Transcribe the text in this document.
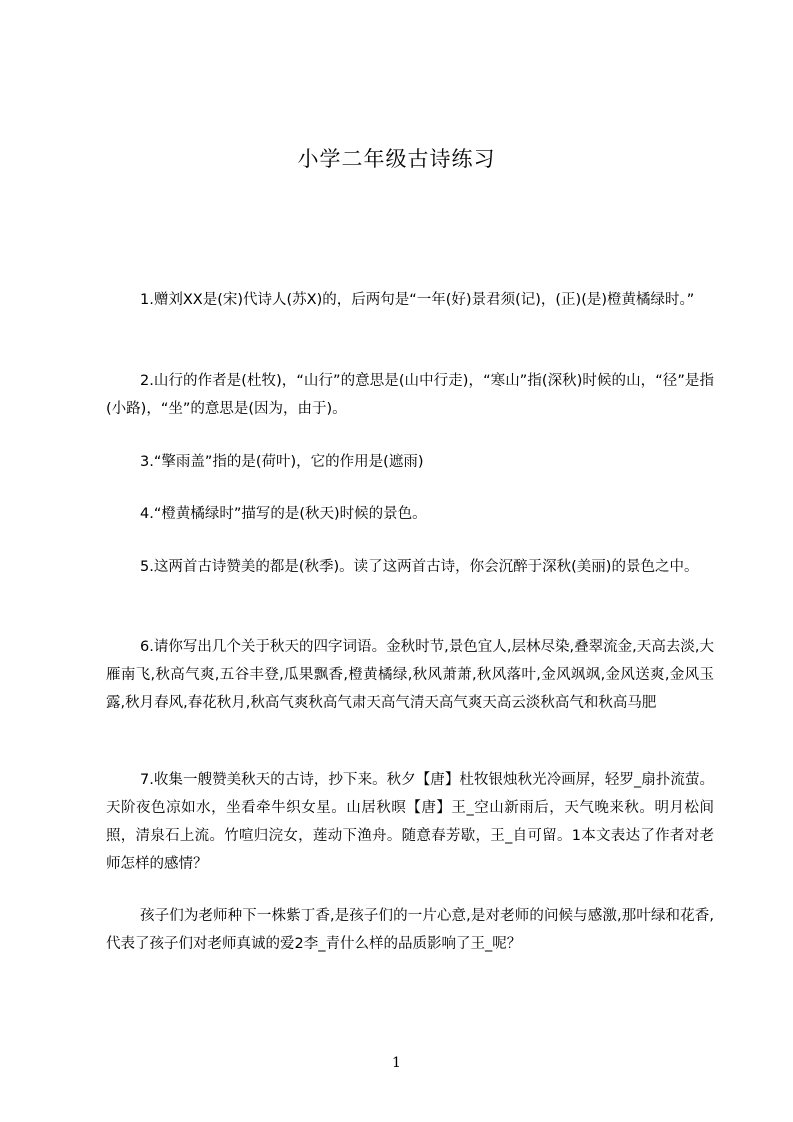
小学二年级古诗练习
1.赠刘XX是(宋)代诗人(苏X)的，后两句是“一年(好)景君须(记)，(正)(是)橙黄橘绿时。”
2.山行的作者是(杜牧)，“山行”的意思是(山中行走)，“寒山”指(深秋)时候的山，“径”是指(小路)，“坐”的意思是(因为，由于)。
3.“擎雨盖”指的是(荷叶)，它的作用是(遮雨)
4.“橙黄橘绿时”描写的是(秋天)时候的景色。
5.这两首古诗赞美的都是(秋季)。读了这两首古诗，你会沉醉于深秋(美丽)的景色之中。
6.请你写出几个关于秋天的四字词语。金秋时节,景色宜人,层林尽染,叠翠流金,天高去淡,大雁南飞,秋高气爽,五谷丰登,瓜果飘香,橙黄橘绿,秋风萧萧,秋风落叶,金风飒飒,金风送爽,金风玉露,秋月春风,春花秋月,秋高气爽秋高气肃天高气清天高气爽天高云淡秋高气和秋高马肥
7.收集一艘赞美秋天的古诗，抄下来。秋夕【唐】杜牧银烛秋光冷画屏，轻罗_扇扑流萤。天阶夜色凉如水，坐看牵牛织女星。山居秋暝【唐】王_空山新雨后，天气晚来秋。明月松间照，清泉石上流。竹喧归浣女，莲动下渔舟。随意春芳歇，王_自可留。1本文表达了作者对老师怎样的感情？
孩子们为老师种下一株紫丁香,是孩子们的一片心意,是对老师的问候与感激,那叶绿和花香,代表了孩子们对老师真诚的爱2李_青什么样的品质影响了王_呢？
1
